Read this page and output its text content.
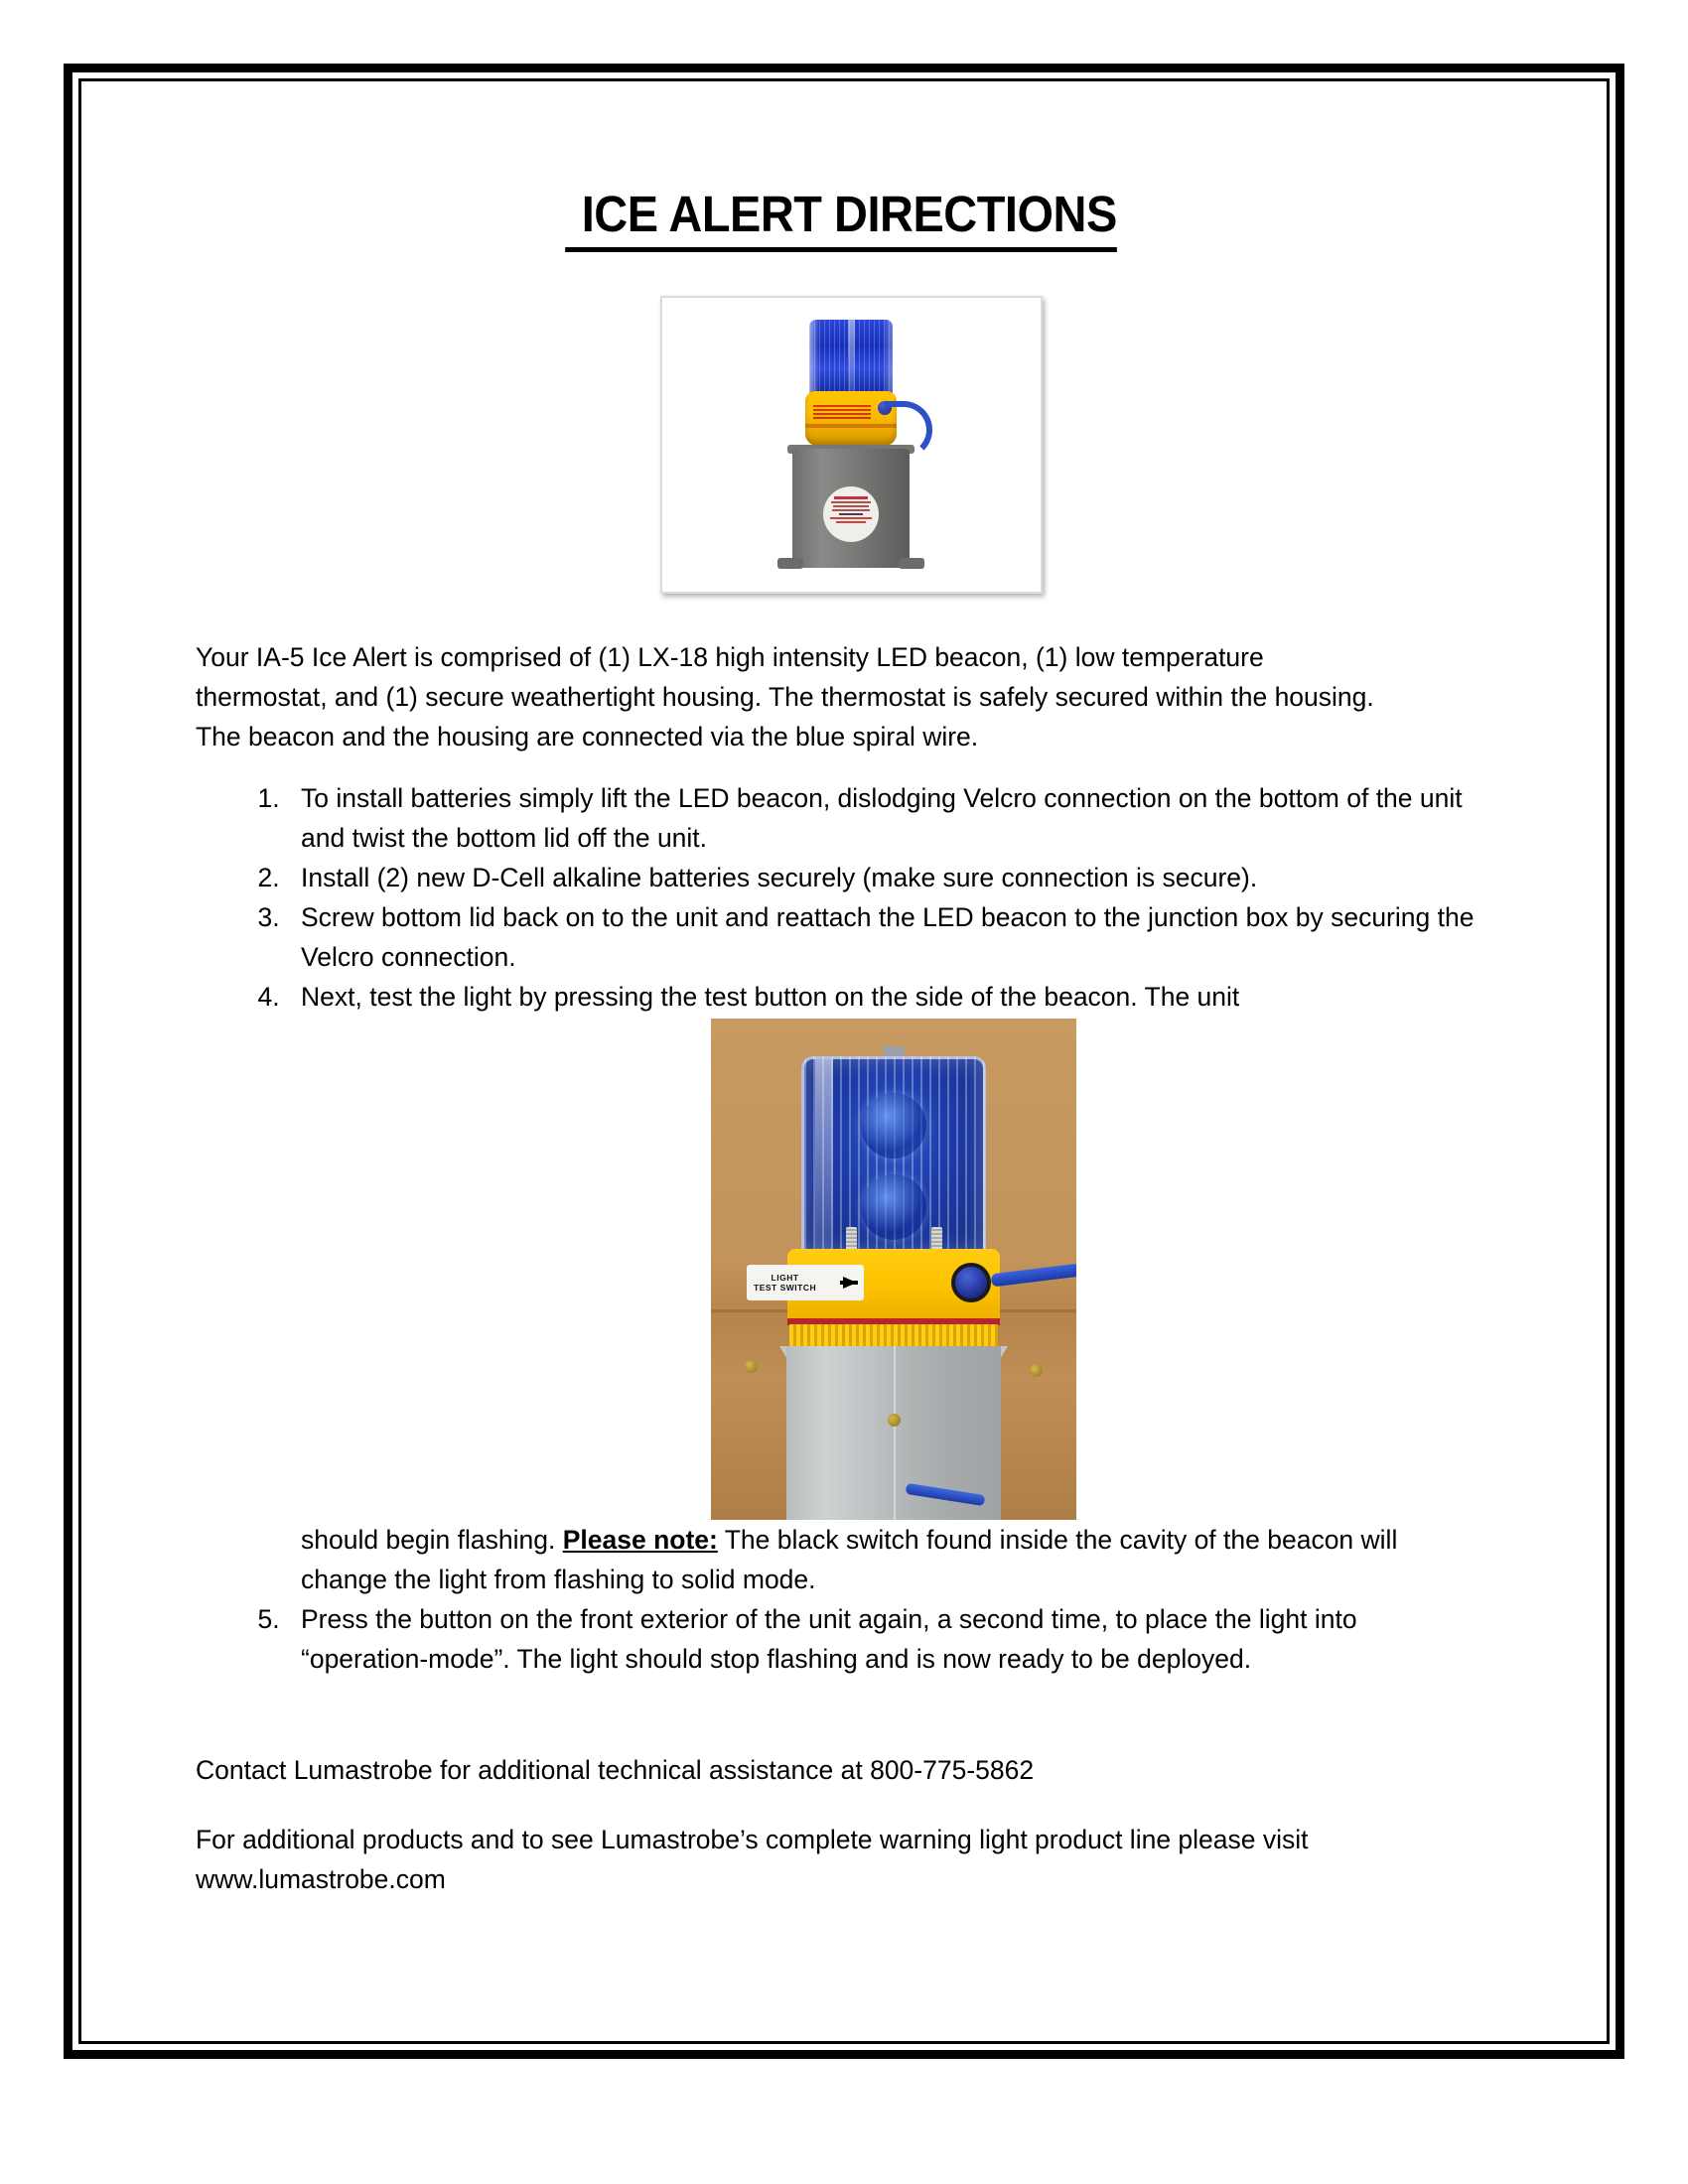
ICE ALERT DIRECTIONS

Your IA-5 Ice Alert is comprised of (1) LX-18 high intensity LED beacon, (1) low temperature thermostat, and (1) secure weathertight housing. The thermostat is safely secured within the housing. The beacon and the housing are connected via the blue spiral wire.

1. To install batteries simply lift the LED beacon, dislodging Velcro connection on the bottom of the unit and twist the bottom lid off the unit.
2. Install (2) new D-Cell alkaline batteries securely (make sure connection is secure).
3. Screw bottom lid back on to the unit and reattach the LED beacon to the junction box by securing the Velcro connection.
4. Next, test the light by pressing the test button on the side of the beacon. The unit
LIGHT
TEST SWITCH
should begin flashing. Please note: The black switch found inside the cavity of the beacon will change the light from flashing to solid mode.
5. Press the button on the front exterior of the unit again, a second time, to place the light into “operation-mode”. The light should stop flashing and is now ready to be deployed.

Contact Lumastrobe for additional technical assistance at 800-775-5862

For additional products and to see Lumastrobe’s complete warning light product line please visit www.lumastrobe.com
